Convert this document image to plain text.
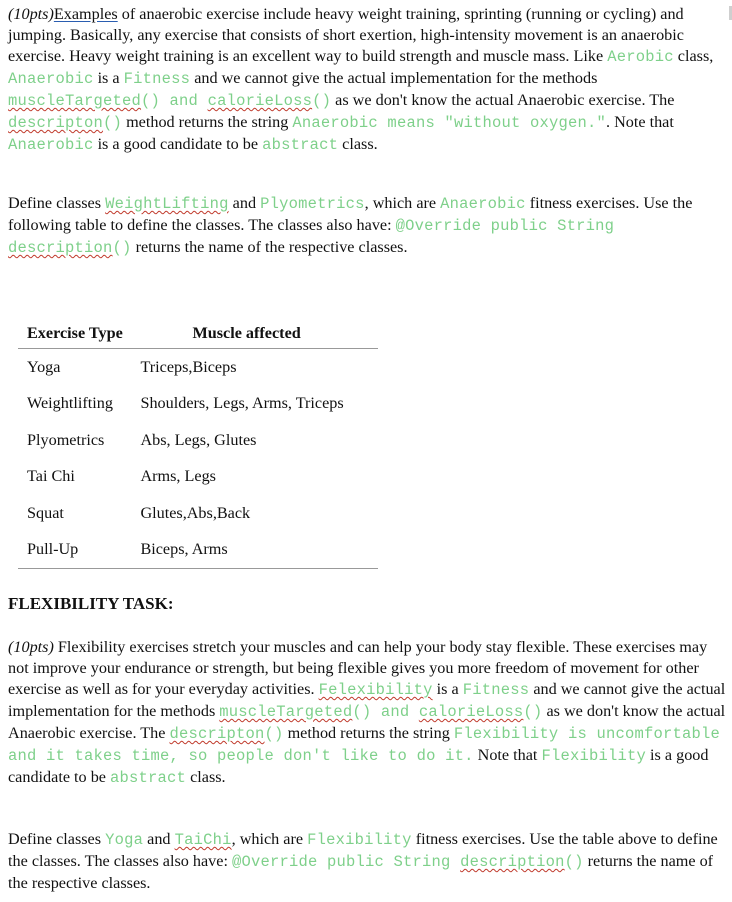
(10pts)Examples of anaerobic exercise include heavy weight training, sprinting (running or cycling) and jumping. Basically, any exercise that consists of short exertion, high-intensity movement is an anaerobic exercise. Heavy weight training is an excellent way to build strength and muscle mass. Like Aerobic class, Anaerobic is a Fitness and we cannot give the actual implementation for the methods muscleTargeted() and calorieLoss() as we don't know the actual Anaerobic exercise. The descripton() method returns the string Anaerobic means "without oxygen.". Note that Anaerobic is a good candidate to be abstract class.

Define classes WeightLifting and Plyometrics, which are Anaerobic fitness exercises. Use the following table to define the classes. The classes also have: @Override public String description() returns the name of the respective classes.

Exercise Type	Muscle affected
Yoga	Triceps,Biceps
Weightlifting	Shoulders, Legs, Arms, Triceps
Plyometrics	Abs, Legs, Glutes
Tai Chi	Arms, Legs
Squat	Glutes,Abs,Back
Pull-Up	Biceps, Arms
FLEXIBILITY TASK:

(10pts) Flexibility exercises stretch your muscles and can help your body stay flexible. These exercises may not improve your endurance or strength, but being flexible gives you more freedom of movement for other exercise as well as for your everyday activities. Felexibility is a Fitness and we cannot give the actual implementation for the methods muscleTargeted() and calorieLoss() as we don't know the actual Anaerobic exercise. The descripton() method returns the string Flexibility is uncomfortable and it takes time, so people don't like to do it. Note that Flexibility is a good candidate to be abstract class.

Define classes Yoga and TaiChi, which are Flexibility fitness exercises. Use the table above to define the classes. The classes also have: @Override public String description() returns the name of the respective classes.
